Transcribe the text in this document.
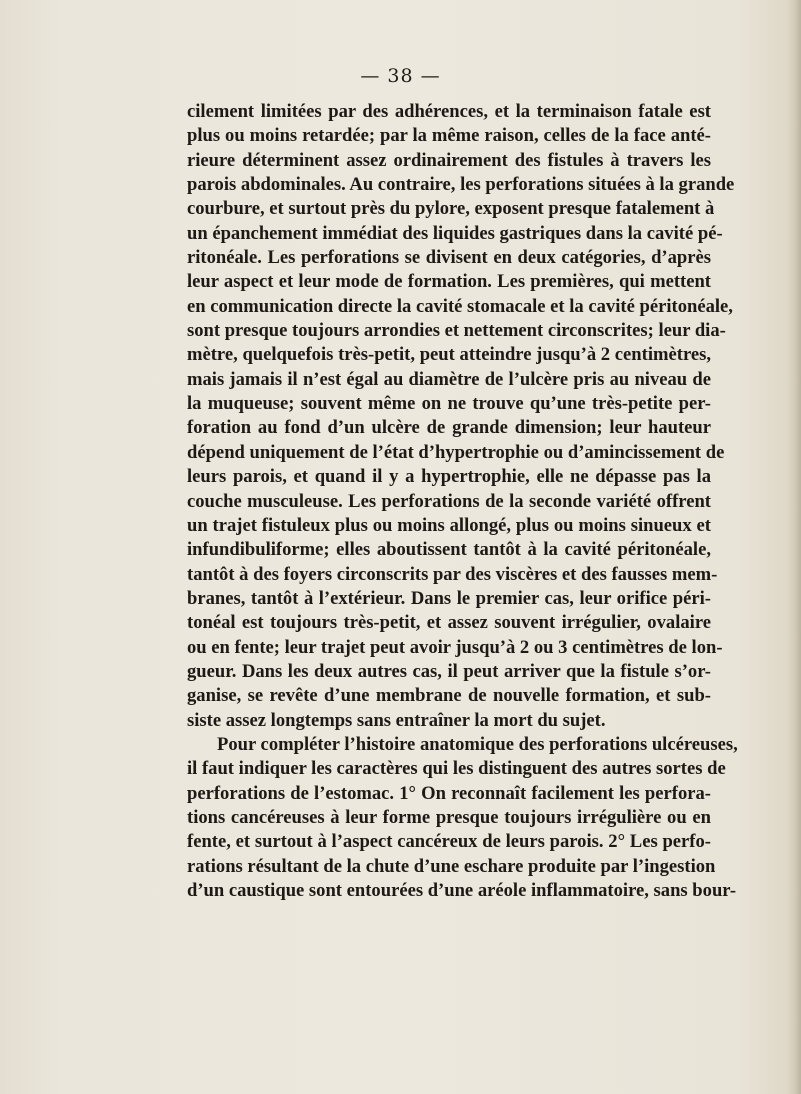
— 38 —
cilement limitées par des adhérences, et la terminaison fatale est
plus ou moins retardée; par la même raison, celles de la face anté-
rieure déterminent assez ordinairement des fistules à travers les
parois abdominales. Au contraire, les perforations situées à la grande
courbure, et surtout près du pylore, exposent presque fatalement à
un épanchement immédiat des liquides gastriques dans la cavité pé-
ritonéale. Les perforations se divisent en deux catégories, d’après
leur aspect et leur mode de formation. Les premières, qui mettent
en communication directe la cavité stomacale et la cavité péritonéale,
sont presque toujours arrondies et nettement circonscrites; leur dia-
mètre, quelquefois très-petit, peut atteindre jusqu’à 2 centimètres,
mais jamais il n’est égal au diamètre de l’ulcère pris au niveau de
la muqueuse; souvent même on ne trouve qu’une très-petite per-
foration au fond d’un ulcère de grande dimension; leur hauteur
dépend uniquement de l’état d’hypertrophie ou d’amincissement de
leurs parois, et quand il y a hypertrophie, elle ne dépasse pas la
couche musculeuse. Les perforations de la seconde variété offrent
un trajet fistuleux plus ou moins allongé, plus ou moins sinueux et
infundibuliforme; elles aboutissent tantôt à la cavité péritonéale,
tantôt à des foyers circonscrits par des viscères et des fausses mem-
branes, tantôt à l’extérieur. Dans le premier cas, leur orifice péri-
tonéal est toujours très-petit, et assez souvent irrégulier, ovalaire
ou en fente; leur trajet peut avoir jusqu’à 2 ou 3 centimètres de lon-
gueur. Dans les deux autres cas, il peut arriver que la fistule s’or-
ganise, se revête d’une membrane de nouvelle formation, et sub-
siste assez longtemps sans entraîner la mort du sujet.
Pour compléter l’histoire anatomique des perforations ulcéreuses,
il faut indiquer les caractères qui les distinguent des autres sortes de
perforations de l’estomac. 1° On reconnaît facilement les perfora-
tions cancéreuses à leur forme presque toujours irrégulière ou en
fente, et surtout à l’aspect cancéreux de leurs parois. 2° Les perfo-
rations résultant de la chute d’une eschare produite par l’ingestion
d’un caustique sont entourées d’une aréole inflammatoire, sans bour-
